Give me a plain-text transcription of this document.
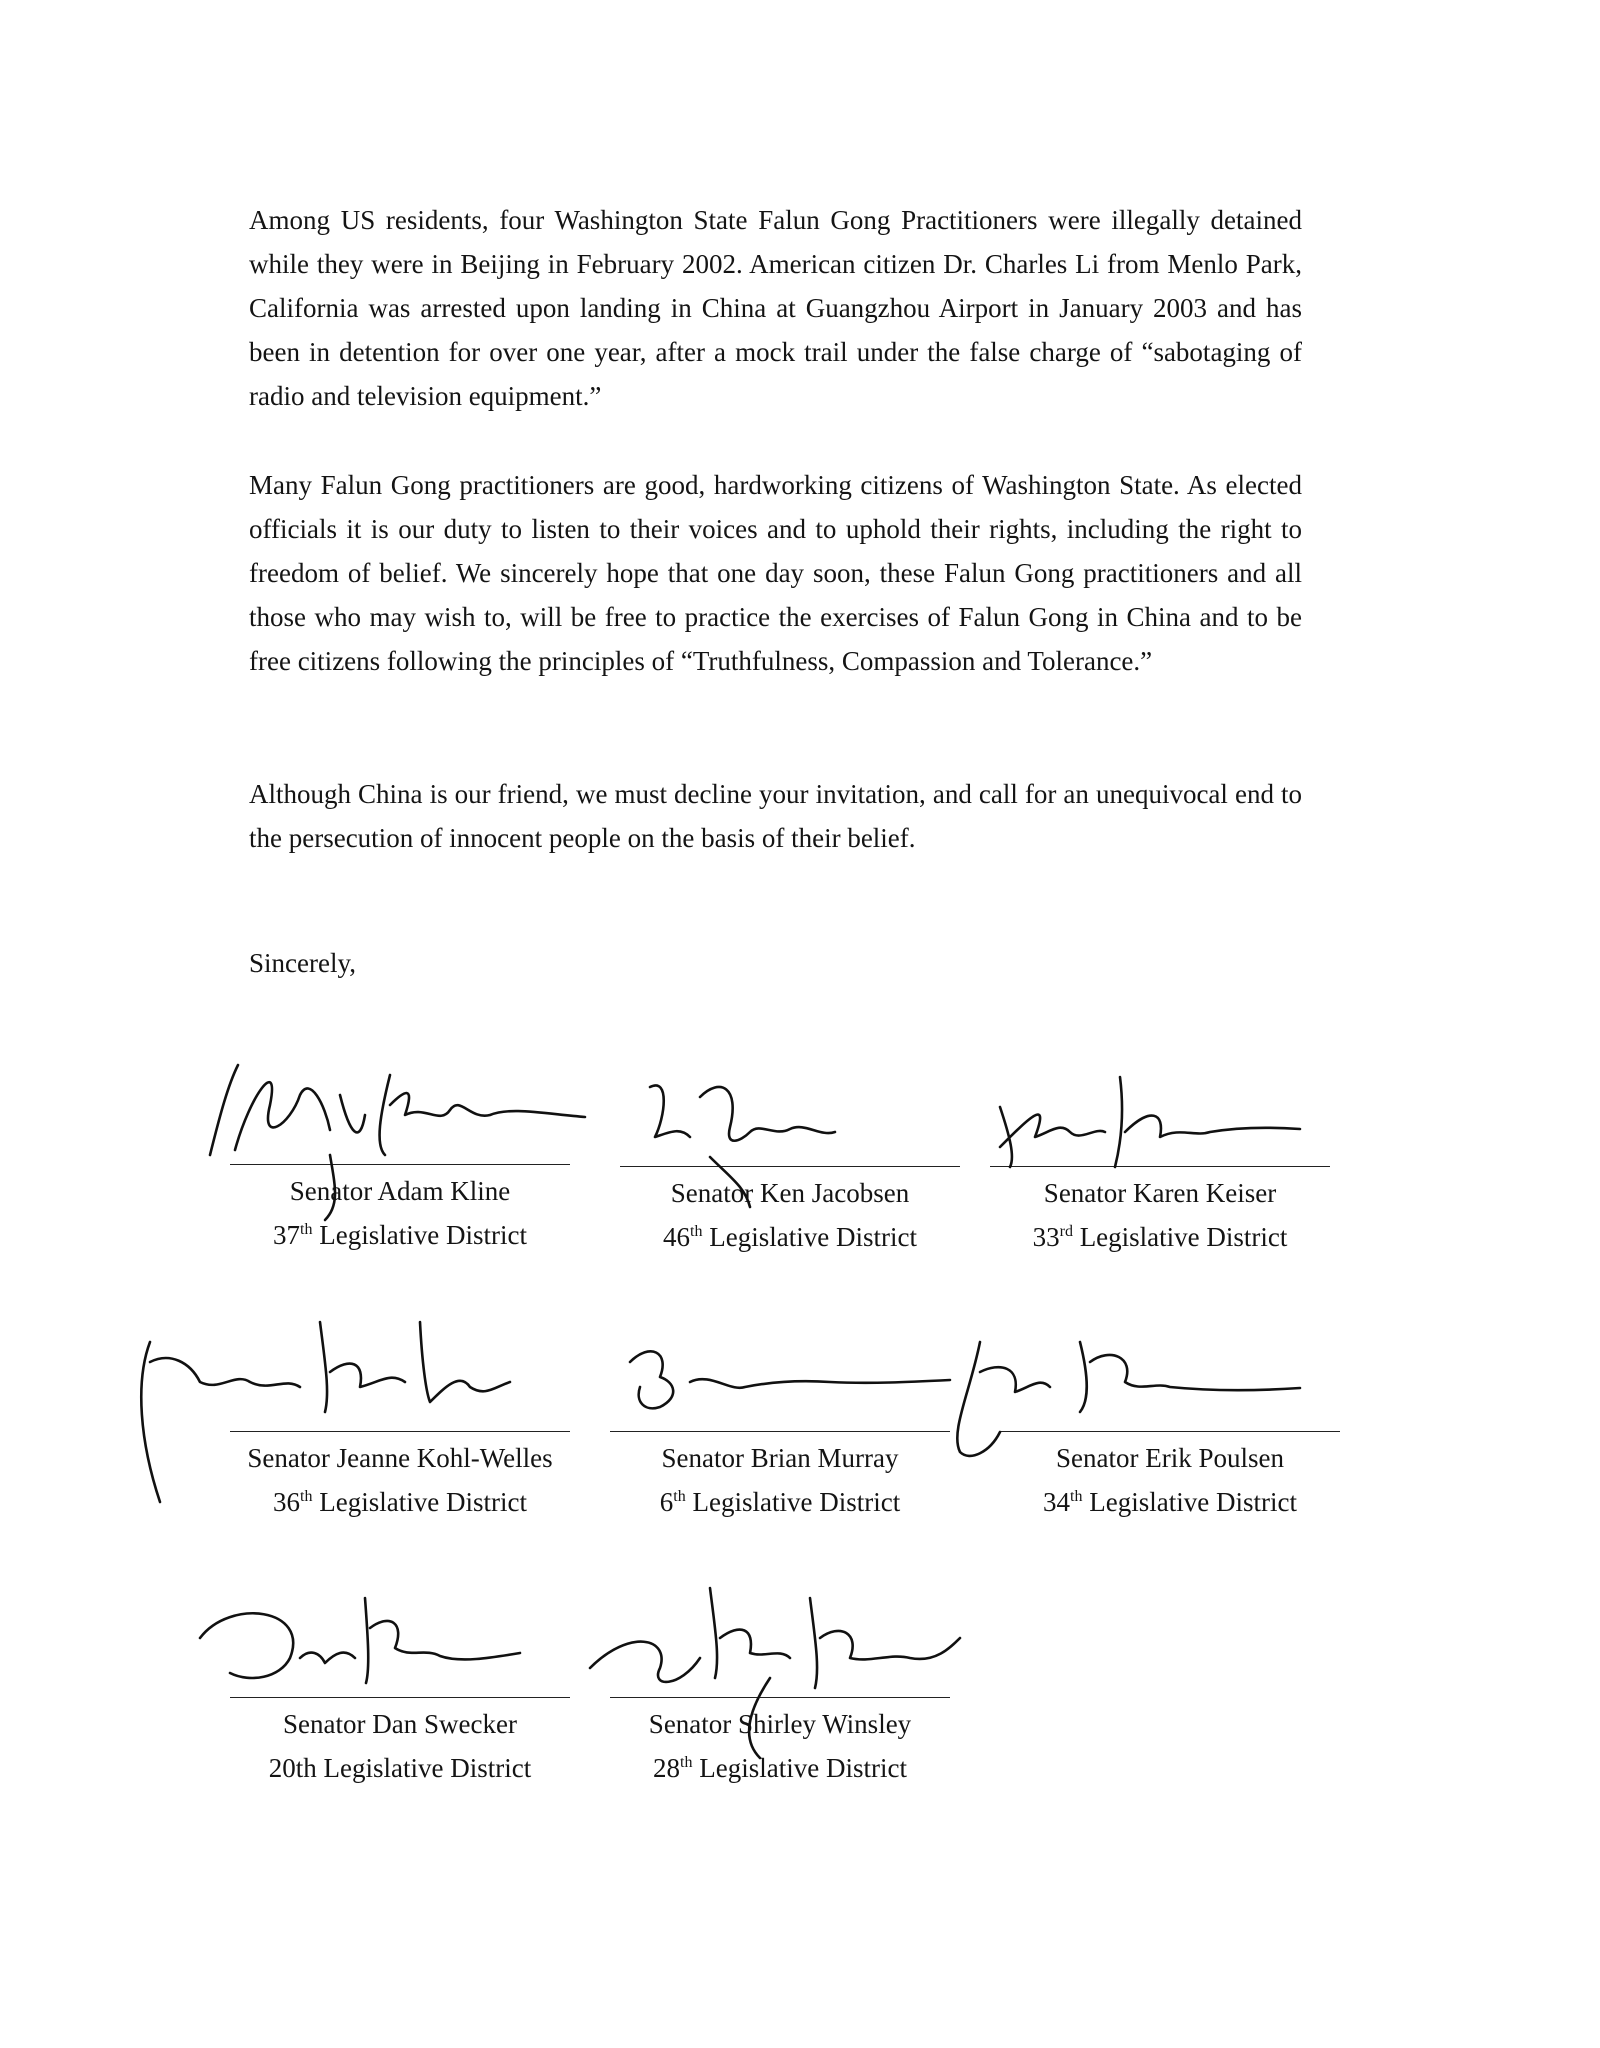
Among US residents, four Washington State Falun Gong Practitioners were illegally detained while they were in Beijing in February 2002. American citizen Dr. Charles Li from Menlo Park, California was arrested upon landing in China at Guangzhou Airport in January 2003 and has been in detention for over one year, after a mock trail under the false charge of “sabotaging of radio and television equipment.”

Many Falun Gong practitioners are good, hardworking citizens of Washington State. As elected officials it is our duty to listen to their voices and to uphold their rights, including the right to freedom of belief. We sincerely hope that one day soon, these Falun Gong practitioners and all those who may wish to, will be free to practice the exercises of Falun Gong in China and to be free citizens following the principles of “Truthfulness, Compassion and Tolerance.”

Although China is our friend, we must decline your invitation, and call for an unequivocal end to the persecution of innocent people on the basis of their belief.

Sincerely,

Senator Adam Kline

37th Legislative District

Senator Ken Jacobsen

46th Legislative District

Senator Karen Keiser

33rd Legislative District

Senator Jeanne Kohl-Welles

36th Legislative District

Senator Brian Murray

6th Legislative District

Senator Erik Poulsen

34th Legislative District

Senator Dan Swecker

20th Legislative District

Senator Shirley Winsley

28th Legislative District
